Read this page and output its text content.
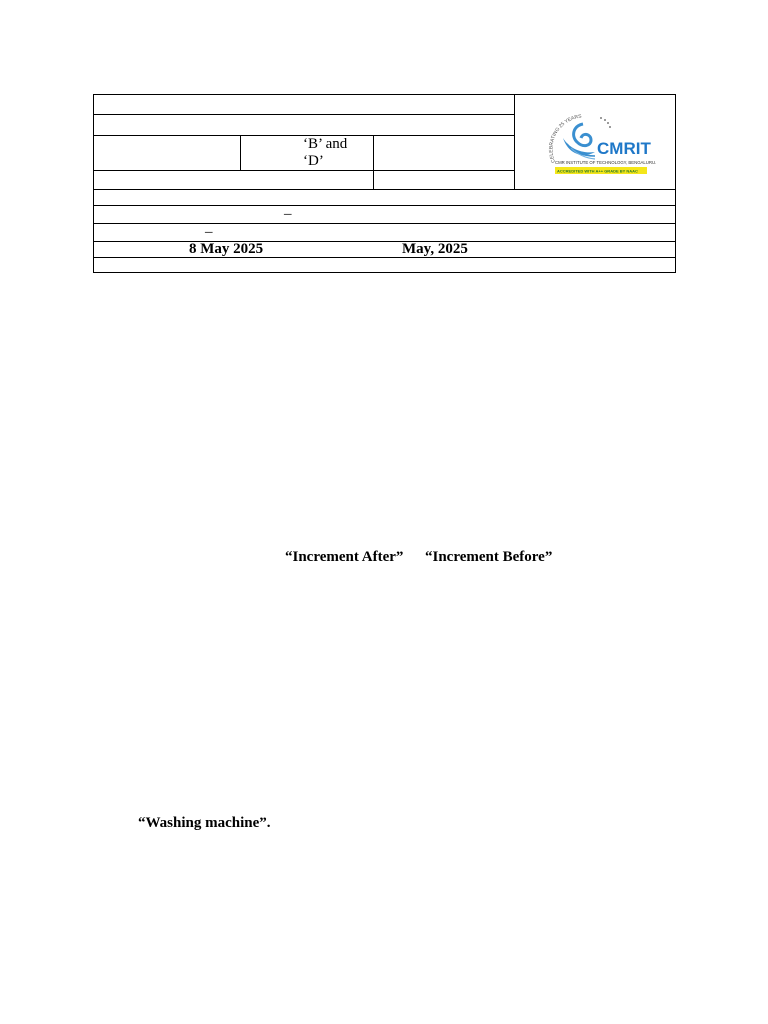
CELEBRATING 25 YEARS
CMRIT
CMR INSTITUTE OF TECHNOLOGY, BENGALURU.
ACCREDITED WITH A++ GRADE BY NAAC

	‘B’ and ‘D’		

–			
–			

8 May 2025 May, 2025			

“Increment After” “Increment Before”
“Washing machine”.
